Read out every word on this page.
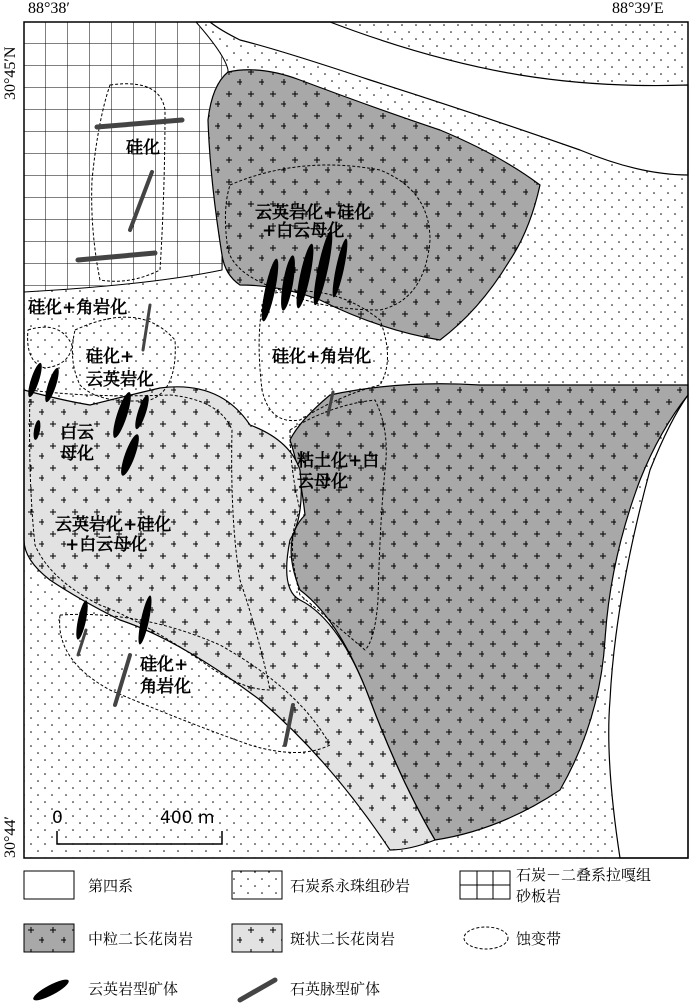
88°38′	88°39′E
30°45′N
30°44′
硅化
云英岩化+硅化
+白云母化
硅化+角岩化
硅化+角岩化
硅化+
云英岩化
白云
母化
云英岩化+硅化
+白云母化
粘土化+白
云母化
硅化+
角岩化
0	400 m
第四系	石炭系永珠组砂岩
石炭－二叠系拉嘎组
砂板岩
中粒二长花岗岩	斑状二长花岗岩	蚀变带
云英岩型矿体	石英脉型矿体
